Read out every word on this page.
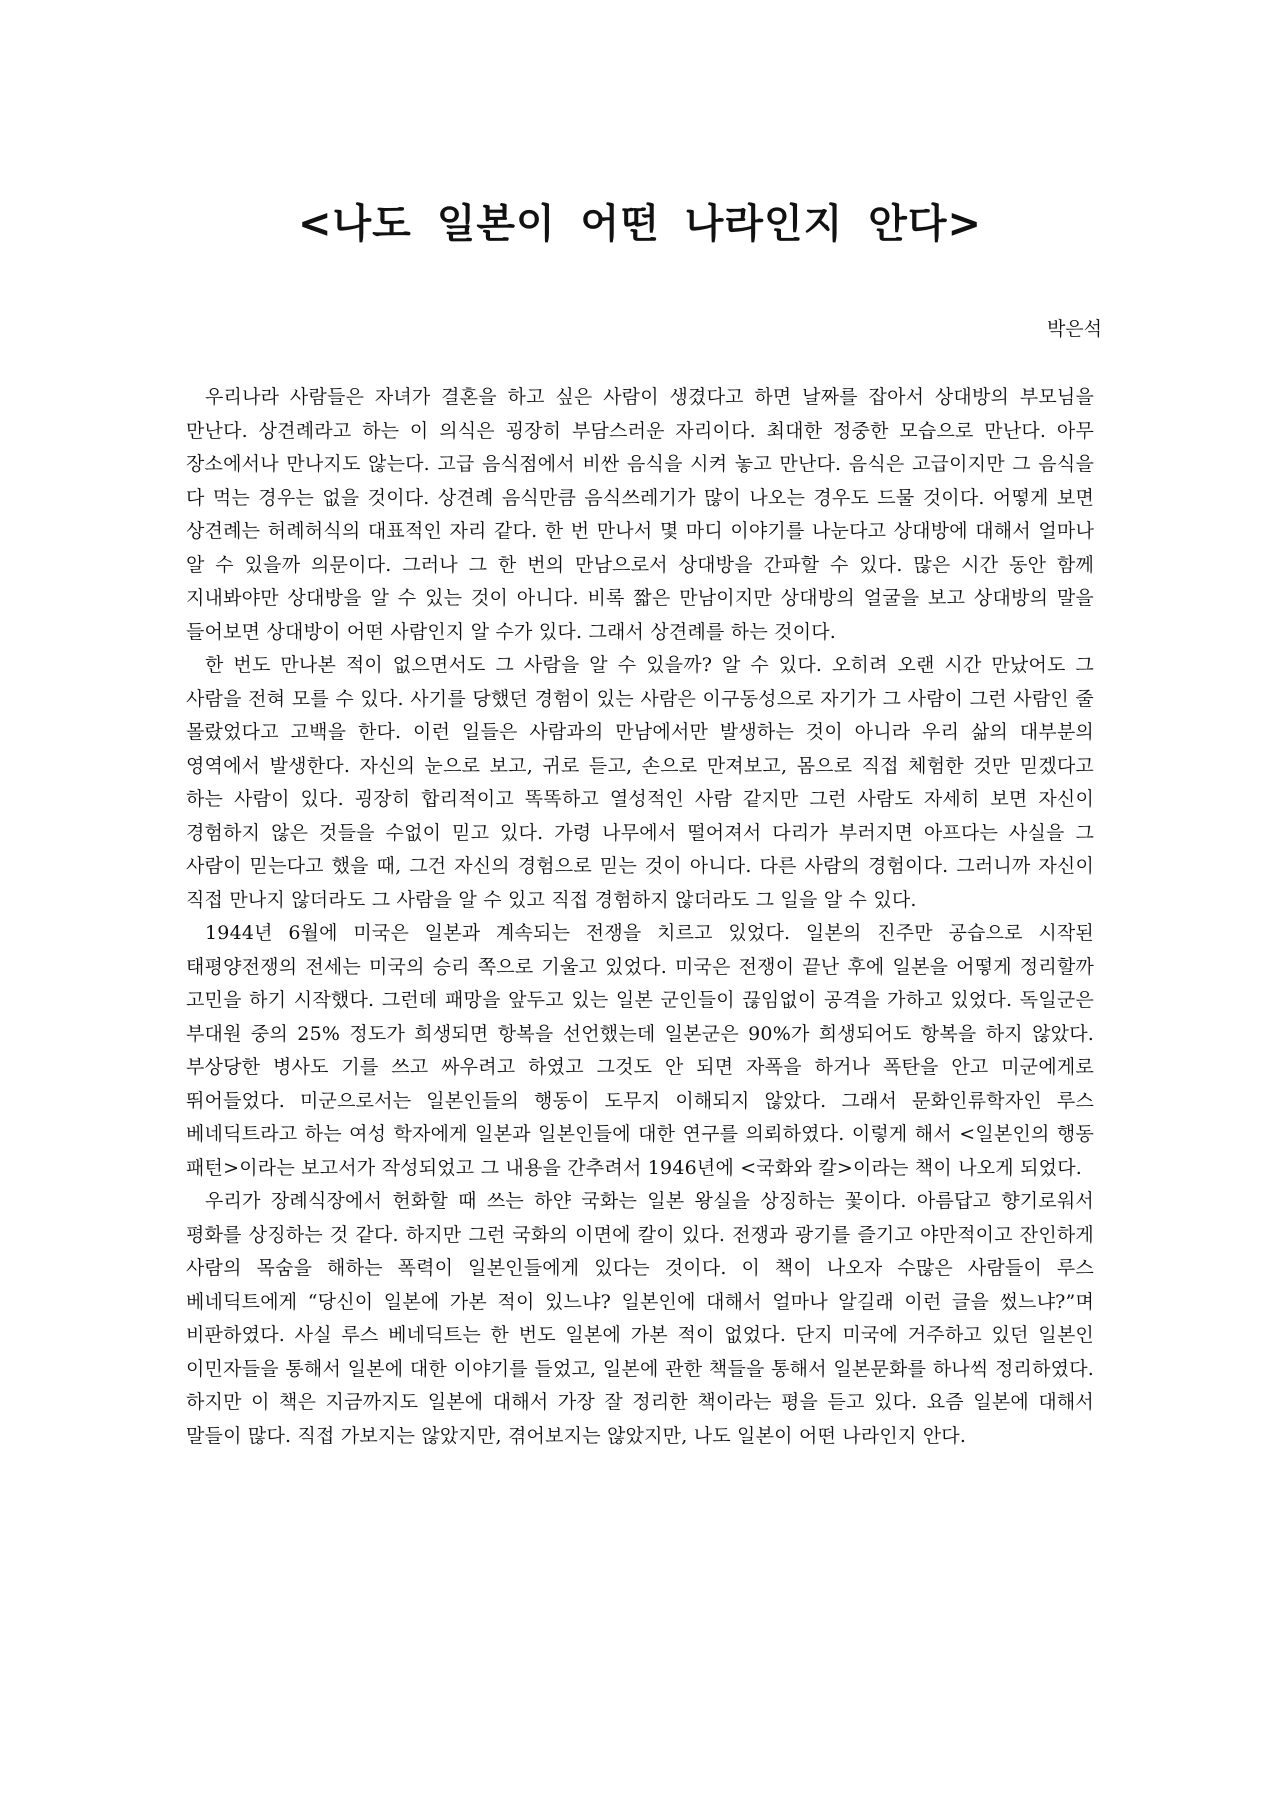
<나도 일본이 어떤 나라인지 안다>
박은석

우리나라 사람들은 자녀가 결혼을 하고 싶은 사람이 생겼다고 하면 날짜를 잡아서 상대방의 부모님을 만난다. 상견례라고 하는 이 의식은 굉장히 부담스러운 자리이다. 최대한 정중한 모습으로 만난다. 아무 장소에서나 만나지도 않는다. 고급 음식점에서 비싼 음식을 시켜 놓고 만난다. 음식은 고급이지만 그 음식을 다 먹는 경우는 없을 것이다. 상견례 음식만큼 음식쓰레기가 많이 나오는 경우도 드물 것이다. 어떻게 보면 상견례는 허례허식의 대표적인 자리 같다. 한 번 만나서 몇 마디 이야기를 나눈다고 상대방에 대해서 얼마나 알 수 있을까 의문이다. 그러나 그 한 번의 만남으로서 상대방을 간파할 수 있다. 많은 시간 동안 함께 지내봐야만 상대방을 알 수 있는 것이 아니다. 비록 짧은 만남이지만 상대방의 얼굴을 보고 상대방의 말을 들어보면 상대방이 어떤 사람인지 알 수가 있다. 그래서 상견례를 하는 것이다.

한 번도 만나본 적이 없으면서도 그 사람을 알 수 있을까? 알 수 있다. 오히려 오랜 시간 만났어도 그 사람을 전혀 모를 수 있다. 사기를 당했던 경험이 있는 사람은 이구동성으로 자기가 그 사람이 그런 사람인 줄 몰랐었다고 고백을 한다. 이런 일들은 사람과의 만남에서만 발생하는 것이 아니라 우리 삶의 대부분의 영역에서 발생한다. 자신의 눈으로 보고, 귀로 듣고, 손으로 만져보고, 몸으로 직접 체험한 것만 믿겠다고 하는 사람이 있다. 굉장히 합리적이고 똑똑하고 열성적인 사람 같지만 그런 사람도 자세히 보면 자신이 경험하지 않은 것들을 수없이 믿고 있다. 가령 나무에서 떨어져서 다리가 부러지면 아프다는 사실을 그 사람이 믿는다고 했을 때, 그건 자신의 경험으로 믿는 것이 아니다. 다른 사람의 경험이다. 그러니까 자신이 직접 만나지 않더라도 그 사람을 알 수 있고 직접 경험하지 않더라도 그 일을 알 수 있다.

1944년 6월에 미국은 일본과 계속되는 전쟁을 치르고 있었다. 일본의 진주만 공습으로 시작된 태평양전쟁의 전세는 미국의 승리 쪽으로 기울고 있었다. 미국은 전쟁이 끝난 후에 일본을 어떻게 정리할까 고민을 하기 시작했다. 그런데 패망을 앞두고 있는 일본 군인들이 끊임없이 공격을 가하고 있었다. 독일군은 부대원 중의 25% 정도가 희생되면 항복을 선언했는데 일본군은 90%가 희생되어도 항복을 하지 않았다. 부상당한 병사도 기를 쓰고 싸우려고 하였고 그것도 안 되면 자폭을 하거나 폭탄을 안고 미군에게로 뛰어들었다. 미군으로서는 일본인들의 행동이 도무지 이해되지 않았다. 그래서 문화인류학자인 루스 베네딕트라고 하는 여성 학자에게 일본과 일본인들에 대한 연구를 의뢰하였다. 이렇게 해서 <일본인의 행동 패턴>이라는 보고서가 작성되었고 그 내용을 간추려서 1946년에 <국화와 칼>이라는 책이 나오게 되었다.

우리가 장례식장에서 헌화할 때 쓰는 하얀 국화는 일본 왕실을 상징하는 꽃이다. 아름답고 향기로워서 평화를 상징하는 것 같다. 하지만 그런 국화의 이면에 칼이 있다. 전쟁과 광기를 즐기고 야만적이고 잔인하게 사람의 목숨을 해하는 폭력이 일본인들에게 있다는 것이다. 이 책이 나오자 수많은 사람들이 루스 베네딕트에게 “당신이 일본에 가본 적이 있느냐? 일본인에 대해서 얼마나 알길래 이런 글을 썼느냐?”며 비판하였다. 사실 루스 베네딕트는 한 번도 일본에 가본 적이 없었다. 단지 미국에 거주하고 있던 일본인 이민자들을 통해서 일본에 대한 이야기를 들었고, 일본에 관한 책들을 통해서 일본문화를 하나씩 정리하였다. 하지만 이 책은 지금까지도 일본에 대해서 가장 잘 정리한 책이라는 평을 듣고 있다. 요즘 일본에 대해서 말들이 많다. 직접 가보지는 않았지만, 겪어보지는 않았지만, 나도 일본이 어떤 나라인지 안다.
